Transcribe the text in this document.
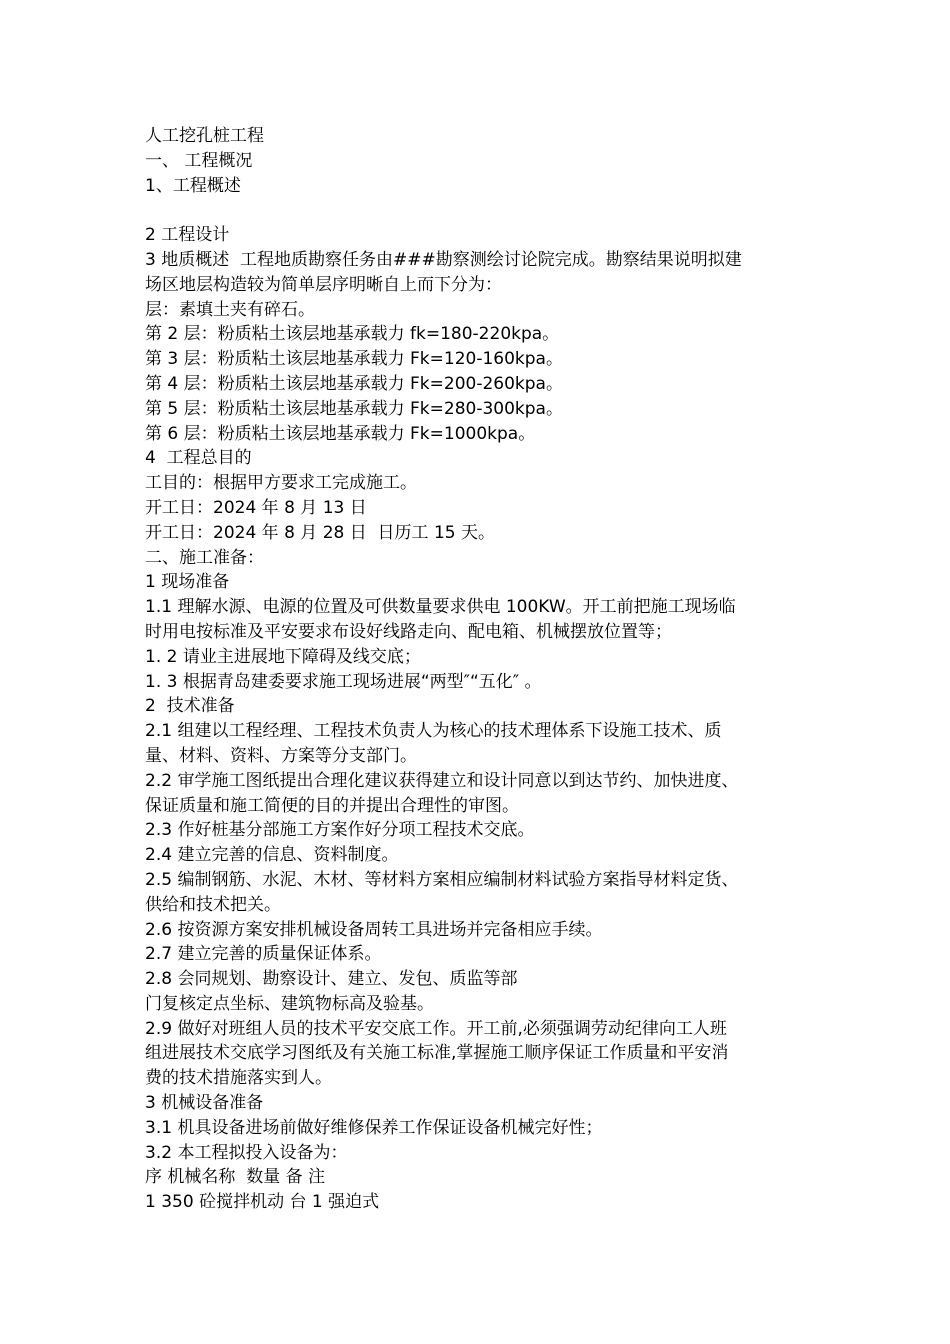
人工挖孔桩工程
一、 工程概况
1、工程概述
2 工程设计
3 地质概述  工程地质勘察任务由###勘察测绘讨论院完成。勘察结果说明拟建
场区地层构造较为简单层序明晰自上而下分为：
层：素填土夹有碎石。
第 2 层：粉质粘土该层地基承载力 fk=180-220kpa。
第 3 层：粉质粘土该层地基承载力 Fk=120-160kpa。
第 4 层：粉质粘土该层地基承载力 Fk=200-260kpa。
第 5 层：粉质粘土该层地基承载力 Fk=280-300kpa。
第 6 层：粉质粘土该层地基承载力 Fk=1000kpa。
4  工程总目的
工目的：根据甲方要求工完成施工。
开工日：2024 年 8 月 13 日
开工日：2024 年 8 月 28 日  日历工 15 天。
二、施工准备：
1 现场准备
1.1 理解水源、电源的位置及可供数量要求供电 100KW。开工前把施工现场临
时用电按标准及平安要求布设好线路走向、配电箱、机械摆放位置等；
1. 2 请业主进展地下障碍及线交底；
1. 3 根据青岛建委要求施工现场进展“两型″“五化″ 。
2  技术准备
2.1 组建以工程经理、工程技术负责人为核心的技术理体系下设施工技术、质
量、材料、资料、方案等分支部门。
2.2 审学施工图纸提出合理化建议获得建立和设计同意以到达节约、加快进度、
保证质量和施工简便的目的并提出合理性的审图。
2.3 作好桩基分部施工方案作好分项工程技术交底。
2.4 建立完善的信息、资料制度。
2.5 编制钢筋、水泥、木材、等材料方案相应编制材料试验方案指导材料定货、
供给和技术把关。
2.6 按资源方案安排机械设备周转工具进场并完备相应手续。
2.7 建立完善的质量保证体系。
2.8 会同规划、勘察设计、建立、发包、质监等部
门复核定点坐标、建筑物标高及验基。
2.9 做好对班组人员的技术平安交底工作。开工前,必须强调劳动纪律向工人班
组进展技术交底学习图纸及有关施工标准,掌握施工顺序保证工作质量和平安消
费的技术措施落实到人。
3 机械设备准备
3.1 机具设备进场前做好维修保养工作保证设备机械完好性；
3.2 本工程拟投入设备为：
序 机械名称  数量 备 注
1 350 砼搅拌机动 台 1 强迫式
